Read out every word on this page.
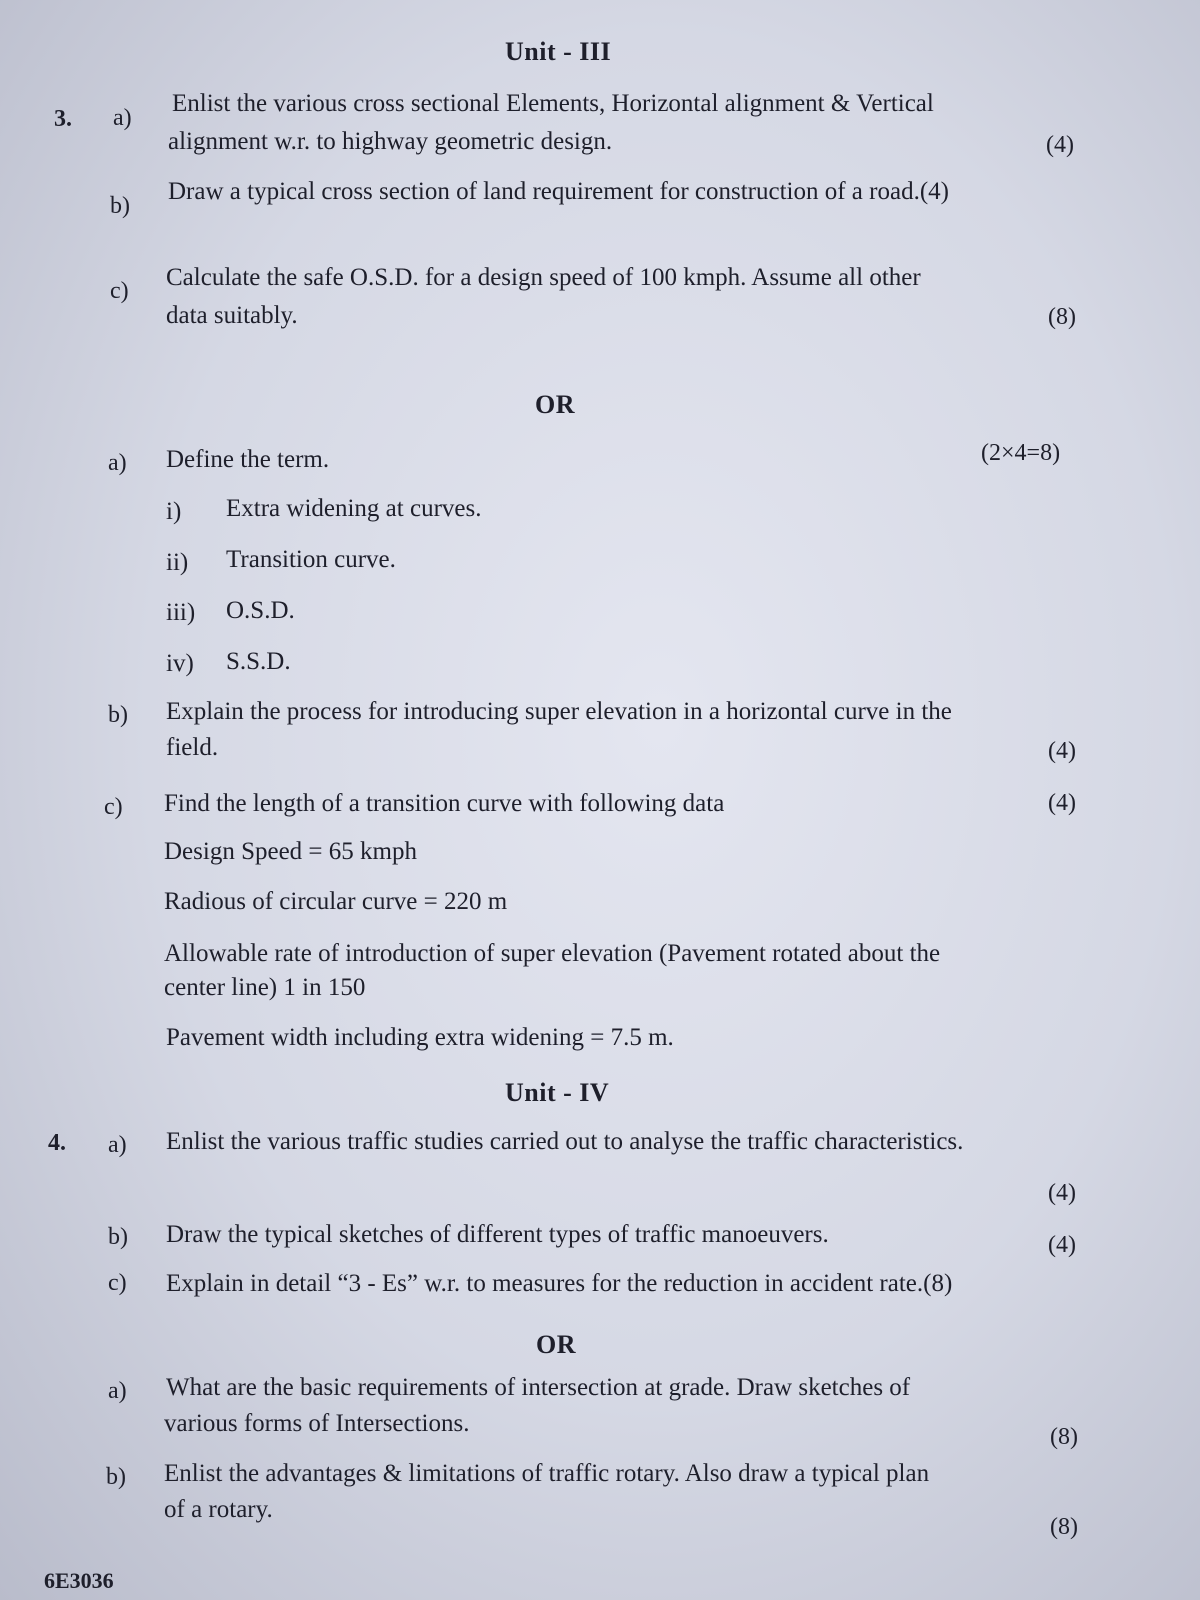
Unit - III
3. a)
Enlist the various cross sectional Elements, Horizontal alignment & Vertical
alignment w.r. to highway geometric design.	(4)
b)
Draw a typical cross section of land requirement for construction of a road.(4)
c) Calculate the safe O.S.D. for a design speed of 100 kmph. Assume all other
data suitably.	(8)
OR
a) Define the term.	(2×4=8)
i) Extra widening at curves.
ii) Transition curve.
iii) O.S.D.
iv) S.S.D.
b) Explain the process for introducing super elevation in a horizontal curve in the
field.	(4)
c) Find the length of a transition curve with following data	(4)
Design Speed = 65 kmph
Radious of circular curve = 220 m
Allowable rate of introduction of super elevation (Pavement rotated about the
center line) 1 in 150
Pavement width including extra widening = 7.5 m.
Unit - IV
4. a) Enlist the various traffic studies carried out to analyse the traffic characteristics.
(4)
b) Draw the typical sketches of different types of traffic manoeuvers.	(4)
c) Explain in detail “3 - Es” w.r. to measures for the reduction in accident rate.(8)
OR
a) What are the basic requirements of intersection at grade. Draw sketches of
various forms of Intersections.	(8)
b) Enlist the advantages & limitations of traffic rotary. Also draw a typical plan
of a rotary.
(8)
6E3036
